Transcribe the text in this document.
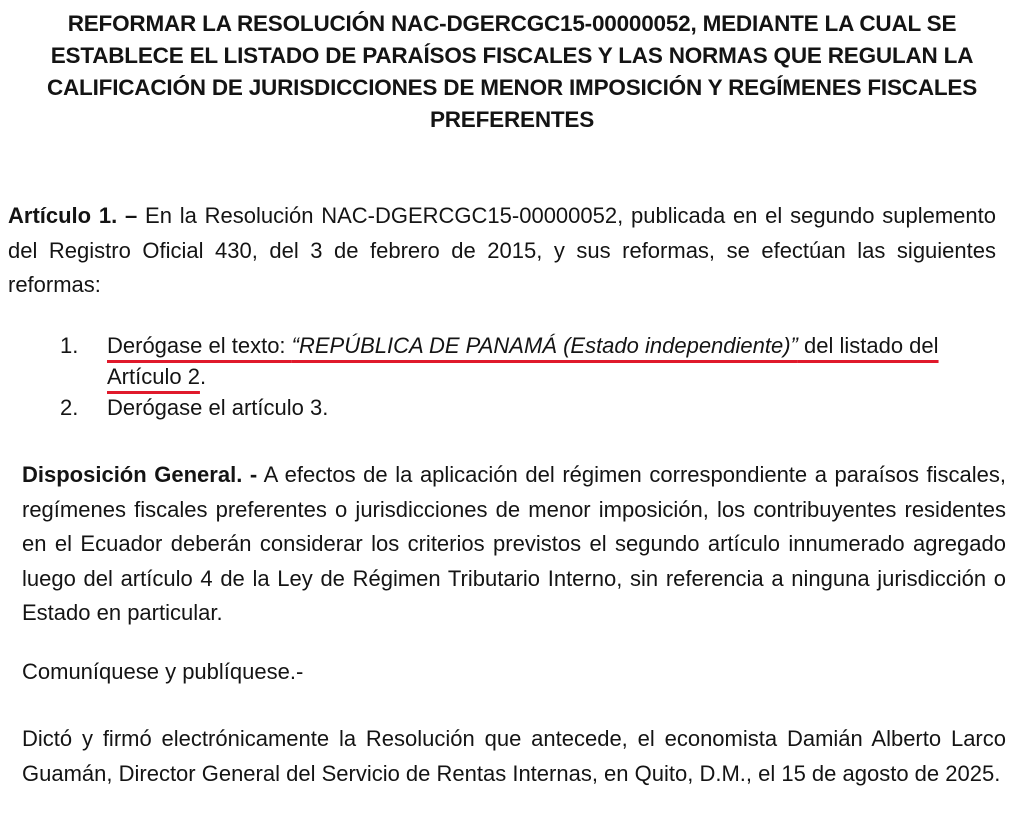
REFORMAR LA RESOLUCIÓN NAC-DGERCGC15-00000052, MEDIANTE LA CUAL SE ESTABLECE EL LISTADO DE PARAÍSOS FISCALES Y LAS NORMAS QUE REGULAN LA CALIFICACIÓN DE JURISDICCIONES DE MENOR IMPOSICIÓN Y REGÍMENES FISCALES PREFERENTES

Artículo 1. – En la Resolución NAC-DGERCGC15-00000052, publicada en el segundo suplemento del Registro Oficial 430, del 3 de febrero de 2015, y sus reformas, se efectúan las siguientes reformas:

1. Derógase el texto: “REPÚBLICA DE PANAMÁ (Estado independiente)” del listado del Artículo 2.
2. Derógase el artículo 3.

Disposición General. - A efectos de la aplicación del régimen correspondiente a paraísos fiscales, regímenes fiscales preferentes o jurisdicciones de menor imposición, los contribuyentes residentes en el Ecuador deberán considerar los criterios previstos el segundo artículo innumerado agregado luego del artículo 4 de la Ley de Régimen Tributario Interno, sin referencia a ninguna jurisdicción o Estado en particular.

Comuníquese y publíquese.-

Dictó y firmó electrónicamente la Resolución que antecede, el economista Damián Alberto Larco Guamán, Director General del Servicio de Rentas Internas, en Quito, D.M., el 15 de agosto de 2025.
